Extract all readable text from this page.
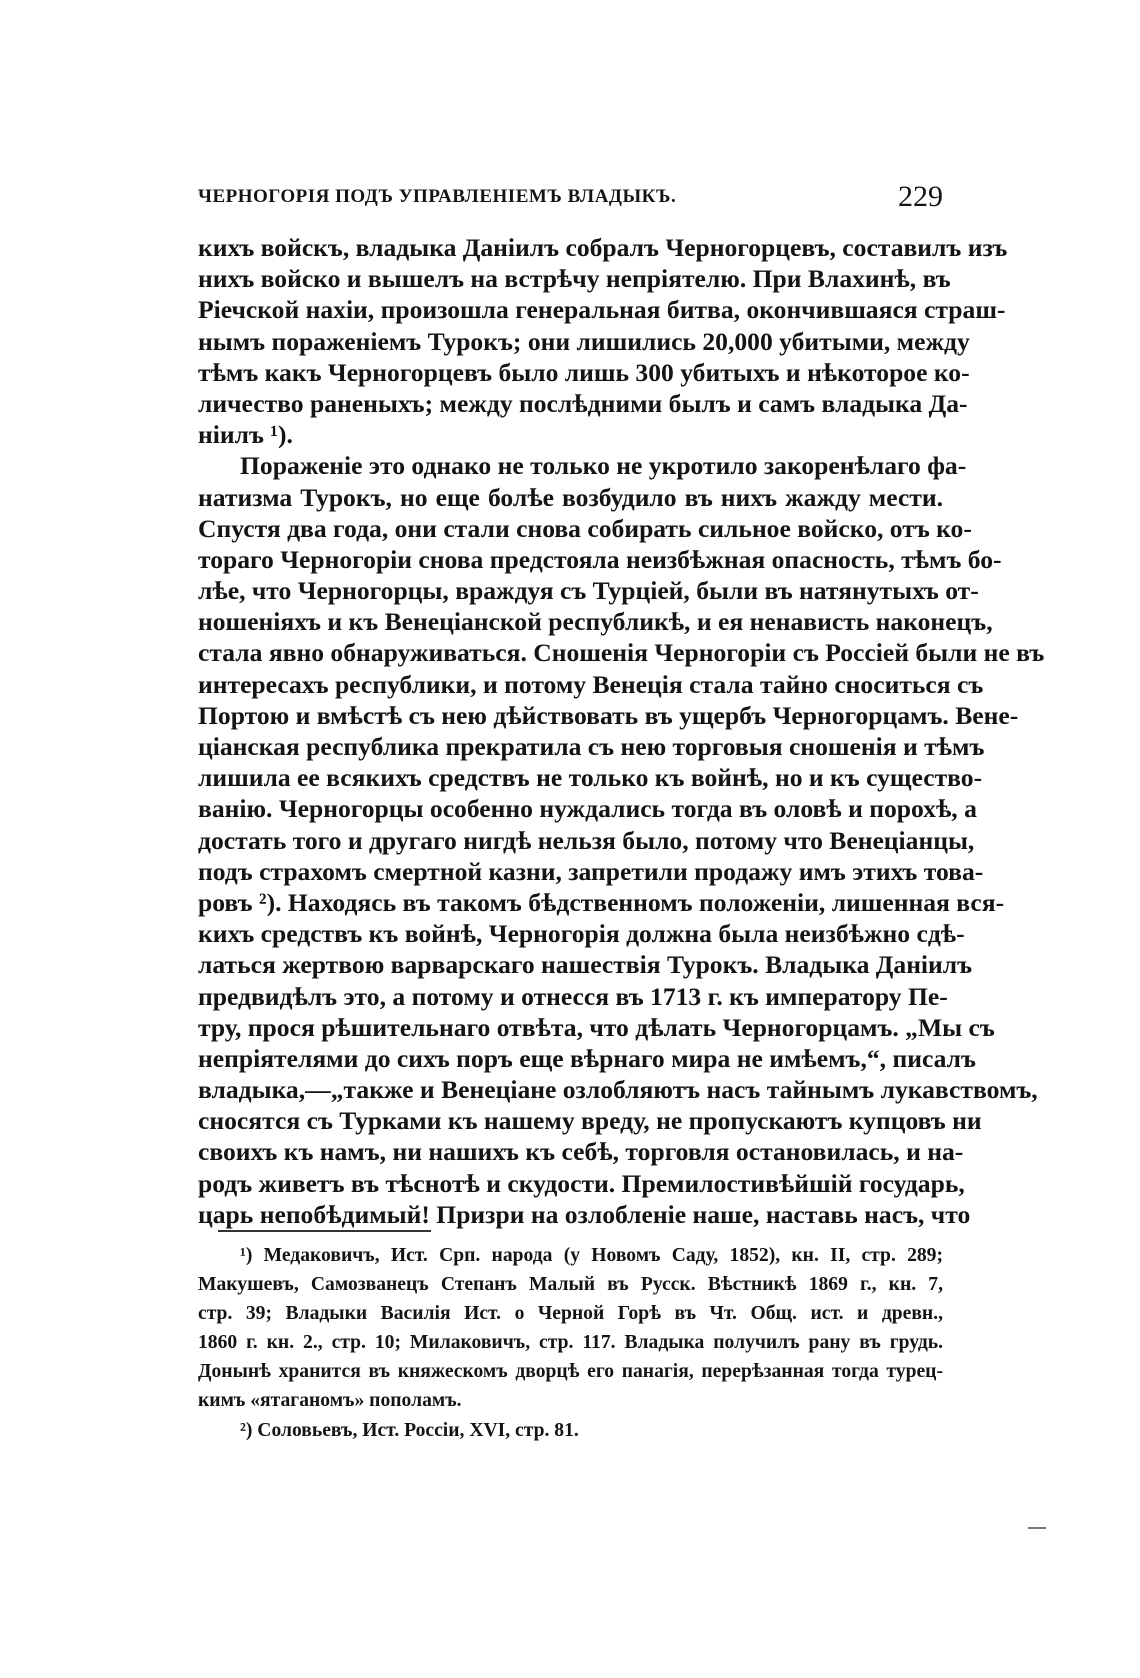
ЧЕРНОГОРІЯ ПОДЪ УПРАВЛЕНІЕМЪ ВЛАДЫКЪ.	229
кихъ войскъ, владыка Даніилъ собралъ Черногорцевъ, составилъ изъ
нихъ войско и вышелъ на встрѣчу непріятелю. При Влахинѣ, въ
Ріечской нахіи, произошла генеральная битва, окончившаяся страш-
нымъ пораженіемъ Турокъ; они лишились 20,000 убитыми, между
тѣмъ какъ Черногорцевъ было лишь 300 убитыхъ и нѣкоторое ко-
личество раненыхъ; между послѣдними былъ и самъ владыка Да-
ніилъ ¹).
Пораженіе это однако не только не укротило закоренѣлаго фа-
натизма Турокъ, но еще болѣе возбудило въ нихъ жажду мести.
Спустя два года, они стали снова собирать сильное войско, отъ ко-
тораго Черногоріи снова предстояла неизбѣжная опасность, тѣмъ бо-
лѣе, что Черногорцы, враждуя съ Турціей, были въ натянутыхъ от-
ношеніяхъ и къ Венеціанской республикѣ, и ея ненависть наконецъ,
стала явно обнаруживаться. Сношенія Черногоріи съ Россіей были не въ
интересахъ республики, и потому Венеція стала тайно сноситься съ
Портою и вмѣстѣ съ нею дѣйствовать въ ущербъ Черногорцамъ. Вене-
ціанская республика прекратила съ нею торговыя сношенія и тѣмъ
лишила ее всякихъ средствъ не только къ войнѣ, но и къ существо-
ванію. Черногорцы особенно нуждались тогда въ оловѣ и порохѣ, а
достать того и другаго нигдѣ нельзя было, потому что Венеціанцы,
подъ страхомъ смертной казни, запретили продажу имъ этихъ това-
ровъ ²). Находясь въ такомъ бѣдственномъ положеніи, лишенная вся-
кихъ средствъ къ войнѣ, Черногорія должна была неизбѣжно сдѣ-
латься жертвою варварскаго нашествія Турокъ. Владыка Даніилъ
предвидѣлъ это, а потому и отнесся въ 1713 г. къ императору Пе-
тру, прося рѣшительнаго отвѣта, что дѣлать Черногорцамъ. „Мы съ
непріятелями до сихъ поръ еще вѣрнаго мира не имѣемъ,“, писалъ
владыка,—„также и Венеціане озлобляютъ насъ тайнымъ лукавствомъ,
сносятся съ Турками къ нашему вреду, не пропускаютъ купцовъ ни
своихъ къ намъ, ни нашихъ къ себѣ, торговля остановилась, и на-
родъ живетъ въ тѣснотѣ и скудости. Премилостивѣйшій государь,
царь непобѣдимый! Призри на озлобленіе наше, наставь насъ, что
¹) Медаковичъ, Ист. Срп. народа (у Новомъ Саду, 1852), кн. II, стр. 289;
Макушевъ, Самозванецъ Степанъ Малый въ Русск. Вѣстникѣ 1869 г., кн. 7,
стр. 39; Владыки Василія Ист. о Черной Горѣ въ Чт. Общ. ист. и древн.,
1860 г. кн. 2., стр. 10; Милаковичъ, стр. 117. Владыка получилъ рану въ грудь.
Донынѣ хранится въ княжескомъ дворцѣ его панагія, перерѣзанная тогда турец-
кимъ «ятаганомъ» пополамъ.
²) Соловьевъ, Ист. Россіи, XVI, стр. 81.
